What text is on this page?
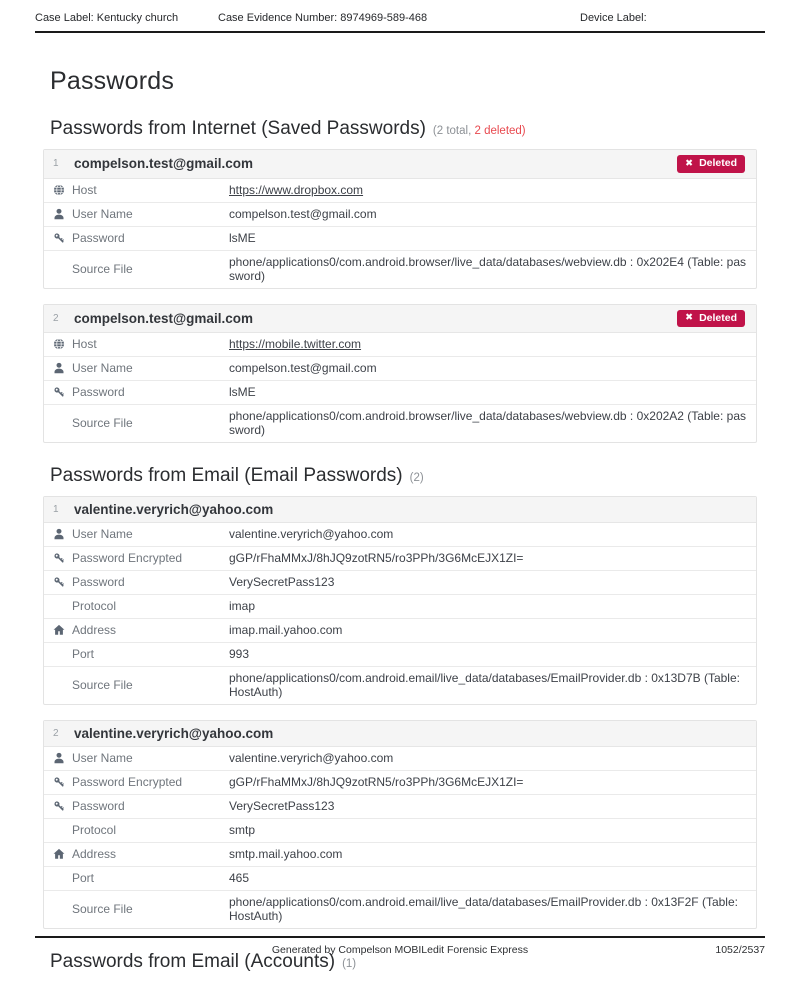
Case Label: Kentucky church	Case Evidence Number: 8974969-589-468	Device Label:
Passwords
Passwords from Internet (Saved Passwords) (2 total, 2 deleted)
1	compelson.test@gmail.com	✖ Deleted
Host	https://www.dropbox.com
User Name	compelson.test@gmail.com
Password	lsME
Source File	phone/applications0/com.android.browser/live_data/databases/webview.db : 0x202E4 (Table: password)
2	compelson.test@gmail.com	✖ Deleted
Host	https://mobile.twitter.com
User Name	compelson.test@gmail.com
Password	lsME
Source File	phone/applications0/com.android.browser/live_data/databases/webview.db : 0x202A2 (Table: password)
Passwords from Email (Email Passwords) (2)
1	valentine.veryrich@yahoo.com
User Name	valentine.veryrich@yahoo.com
Password Encrypted	gGP/rFhaMMxJ/8hJQ9zotRN5/ro3PPh/3G6McEJX1ZI=
Password	VerySecretPass123
Protocol	imap
Address	imap.mail.yahoo.com
Port	993
Source File	phone/applications0/com.android.email/live_data/databases/EmailProvider.db : 0x13D7B (Table: HostAuth)
2	valentine.veryrich@yahoo.com
User Name	valentine.veryrich@yahoo.com
Password Encrypted	gGP/rFhaMMxJ/8hJQ9zotRN5/ro3PPh/3G6McEJX1ZI=
Password	VerySecretPass123
Protocol	smtp
Address	smtp.mail.yahoo.com
Port	465
Source File	phone/applications0/com.android.email/live_data/databases/EmailProvider.db : 0x13F2F (Table: HostAuth)
Passwords from Email (Accounts) (1)
Generated by Compelson MOBILedit Forensic Express	1052/2537
